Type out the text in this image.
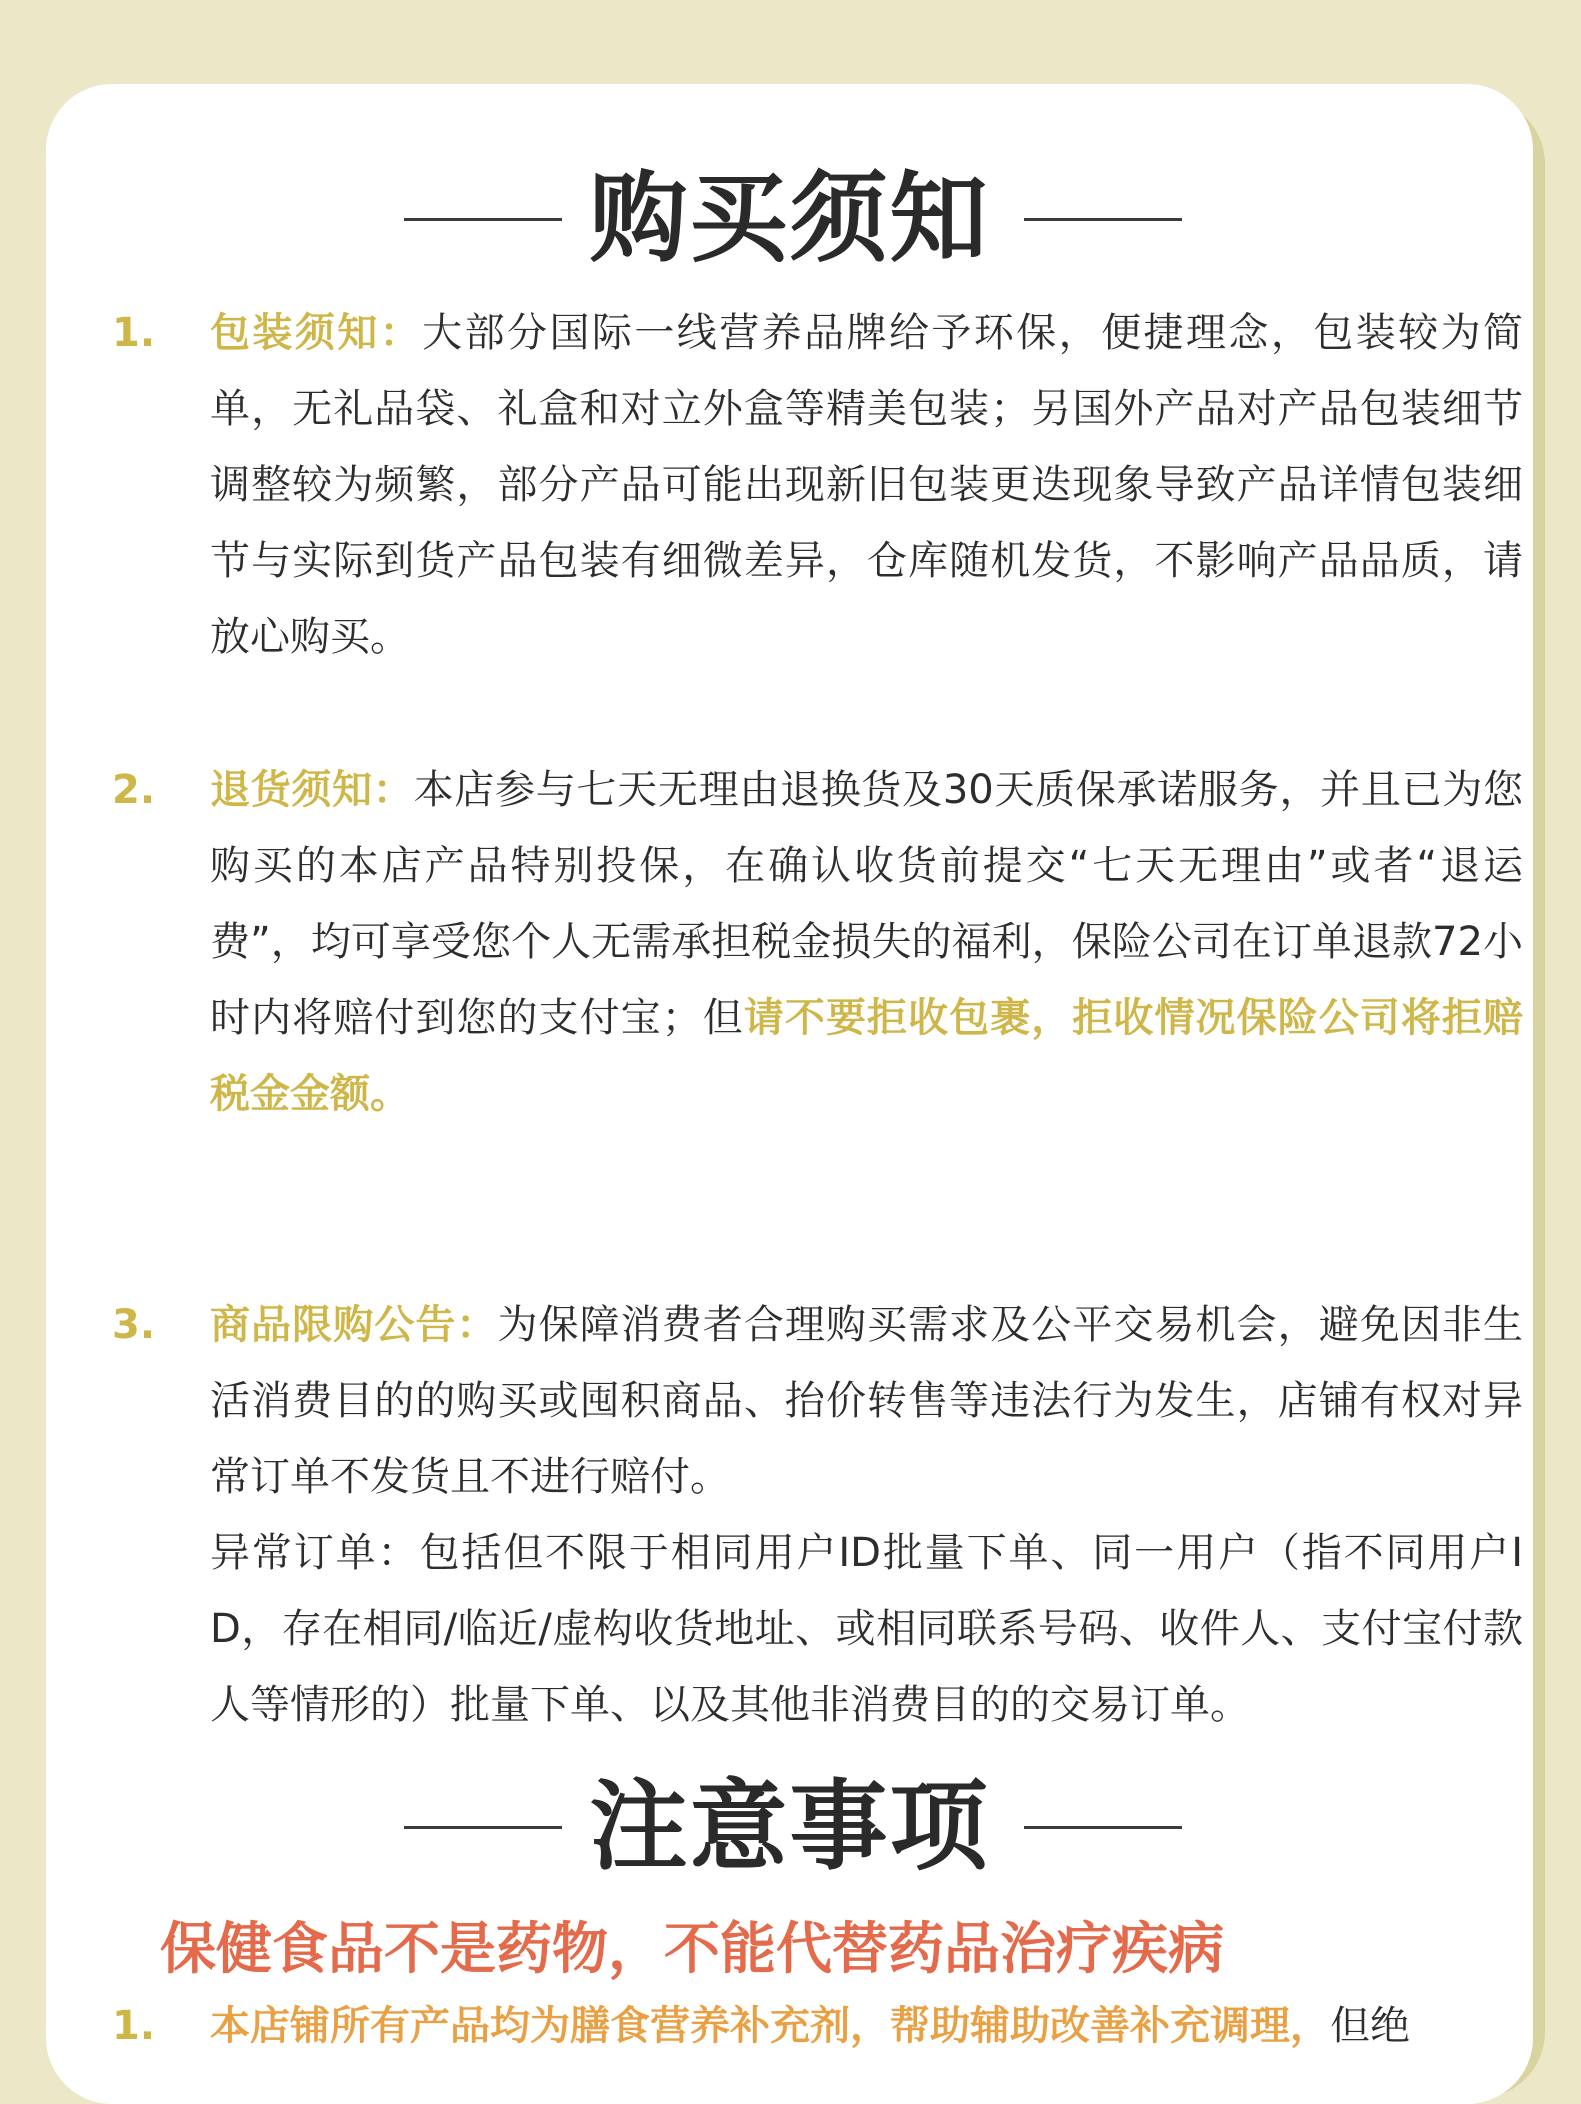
购买须知
1. 包装须知：大部分国际一线营养品牌给予环保，便捷理念，包装较为简单，无礼品袋、礼盒和对立外盒等精美包装；另国外产品对产品包装细节调整较为频繁，部分产品可能出现新旧包装更迭现象导致产品详情包装细节与实际到货产品包装有细微差异，仓库随机发货，不影响产品品质，请放心购买。
2. 退货须知：本店参与七天无理由退换货及30天质保承诺服务，并且已为您购买的本店产品特别投保，在确认收货前提交“七天无理由”或者“退运费”，均可享受您个人无需承担税金损失的福利，保险公司在订单退款72小时内将赔付到您的支付宝；但请不要拒收包裹，拒收情况保险公司将拒赔税金金额。
3. 商品限购公告：为保障消费者合理购买需求及公平交易机会，避免因非生活消费目的的购买或囤积商品、抬价转售等违法行为发生，店铺有权对异常订单不发货且不进行赔付。
异常订单：包括但不限于相同用户ID批量下单、同一用户（指不同用户ID，存在相同/临近/虚构收货地址、或相同联系号码、收件人、支付宝付款人等情形的）批量下单、以及其他非消费目的的交易订单。
注意事项
保健食品不是药物，不能代替药品治疗疾病
1. 本店铺所有产品均为膳食营养补充剂，帮助辅助改善补充调理，但绝
